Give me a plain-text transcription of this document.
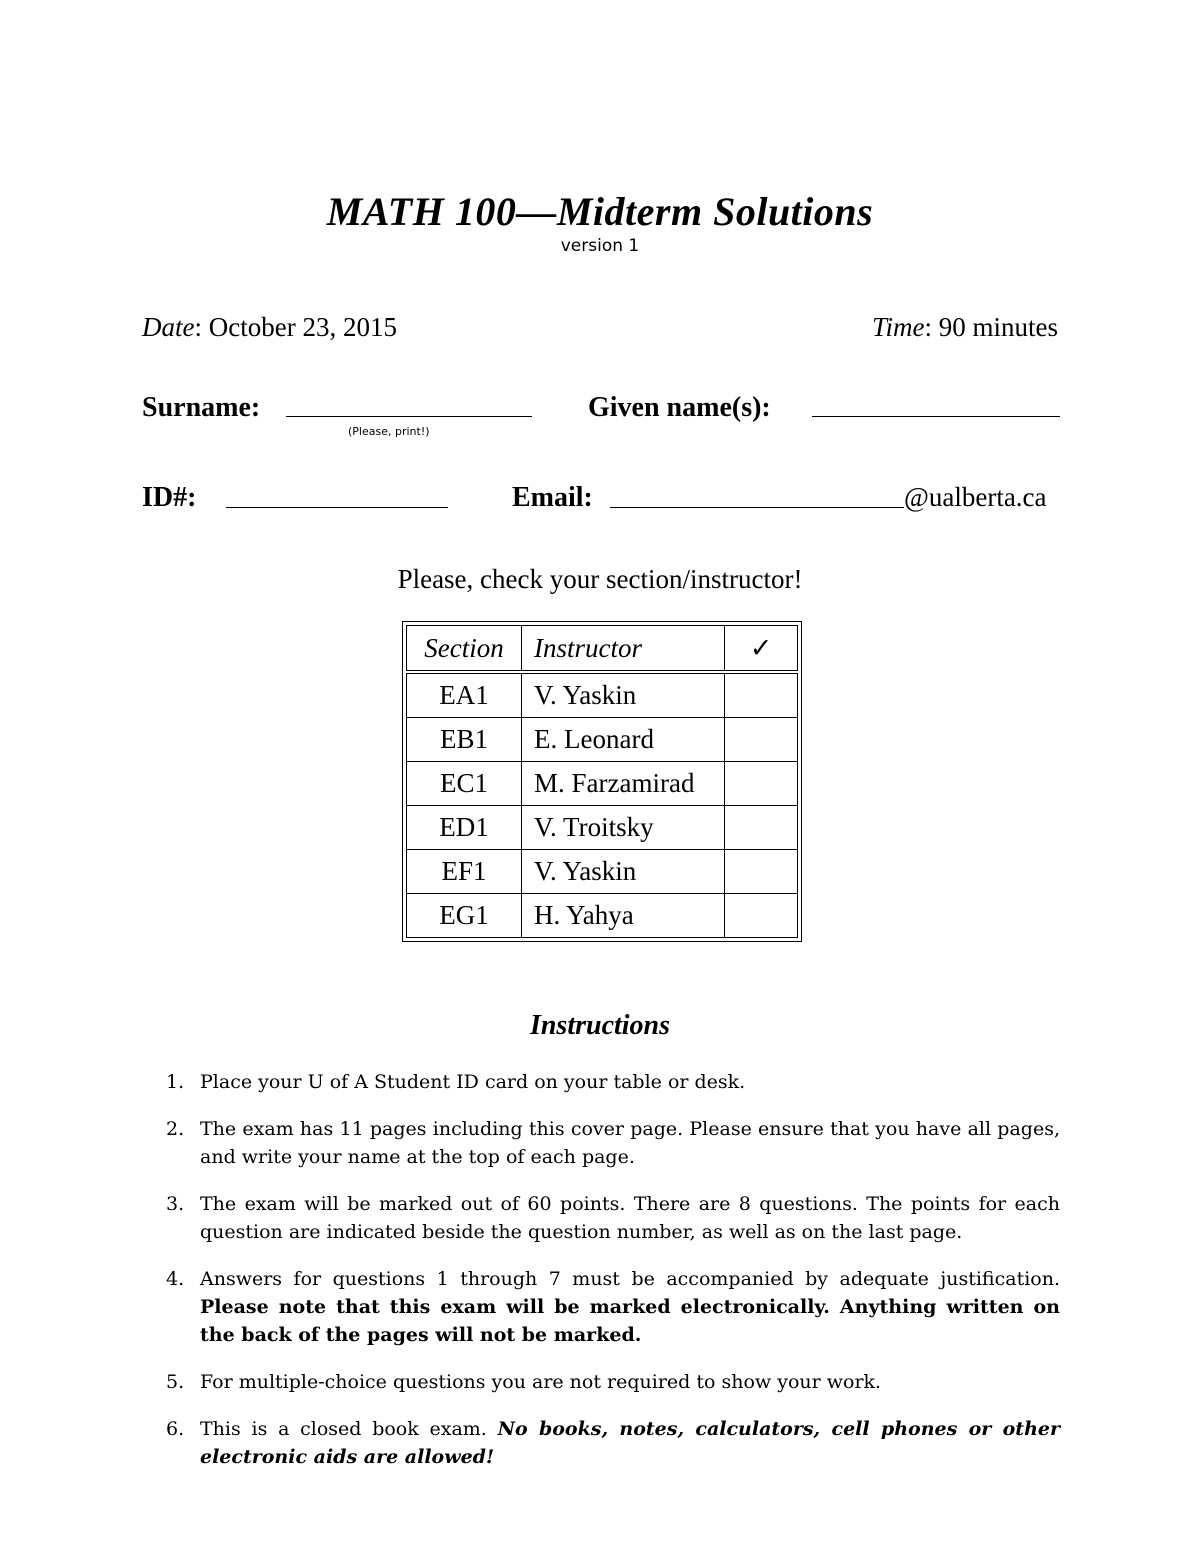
MATH 100—Midterm Solutions
version 1
Date: October 23, 2015	Time: 90 minutes
Surname:
(Please, print!)
Given name(s):
ID#:	Email:	@ualberta.ca
Please, check your section/instructor!
Section	Instructor	✓
EA1	V. Yaskin	
EB1	E. Leonard	
EC1	M. Farzamirad	
ED1	V. Troitsky	
EF1	V. Yaskin	
EG1	H. Yahya	
Instructions
1. Place your U of A Student ID card on your table or desk.
2. The exam has 11 pages including this cover page. Please ensure that you have all pages, and write your name at the top of each page.
3. The exam will be marked out of 60 points. There are 8 questions. The points for each question are indicated beside the question number, as well as on the last page.
4. Answers for questions 1 through 7 must be accompanied by adequate justification. Please note that this exam will be marked electronically. Anything written on the back of the pages will not be marked.
5. For multiple-choice questions you are not required to show your work.
6. This is a closed book exam. No books, notes, calculators, cell phones or other electronic aids are allowed!
